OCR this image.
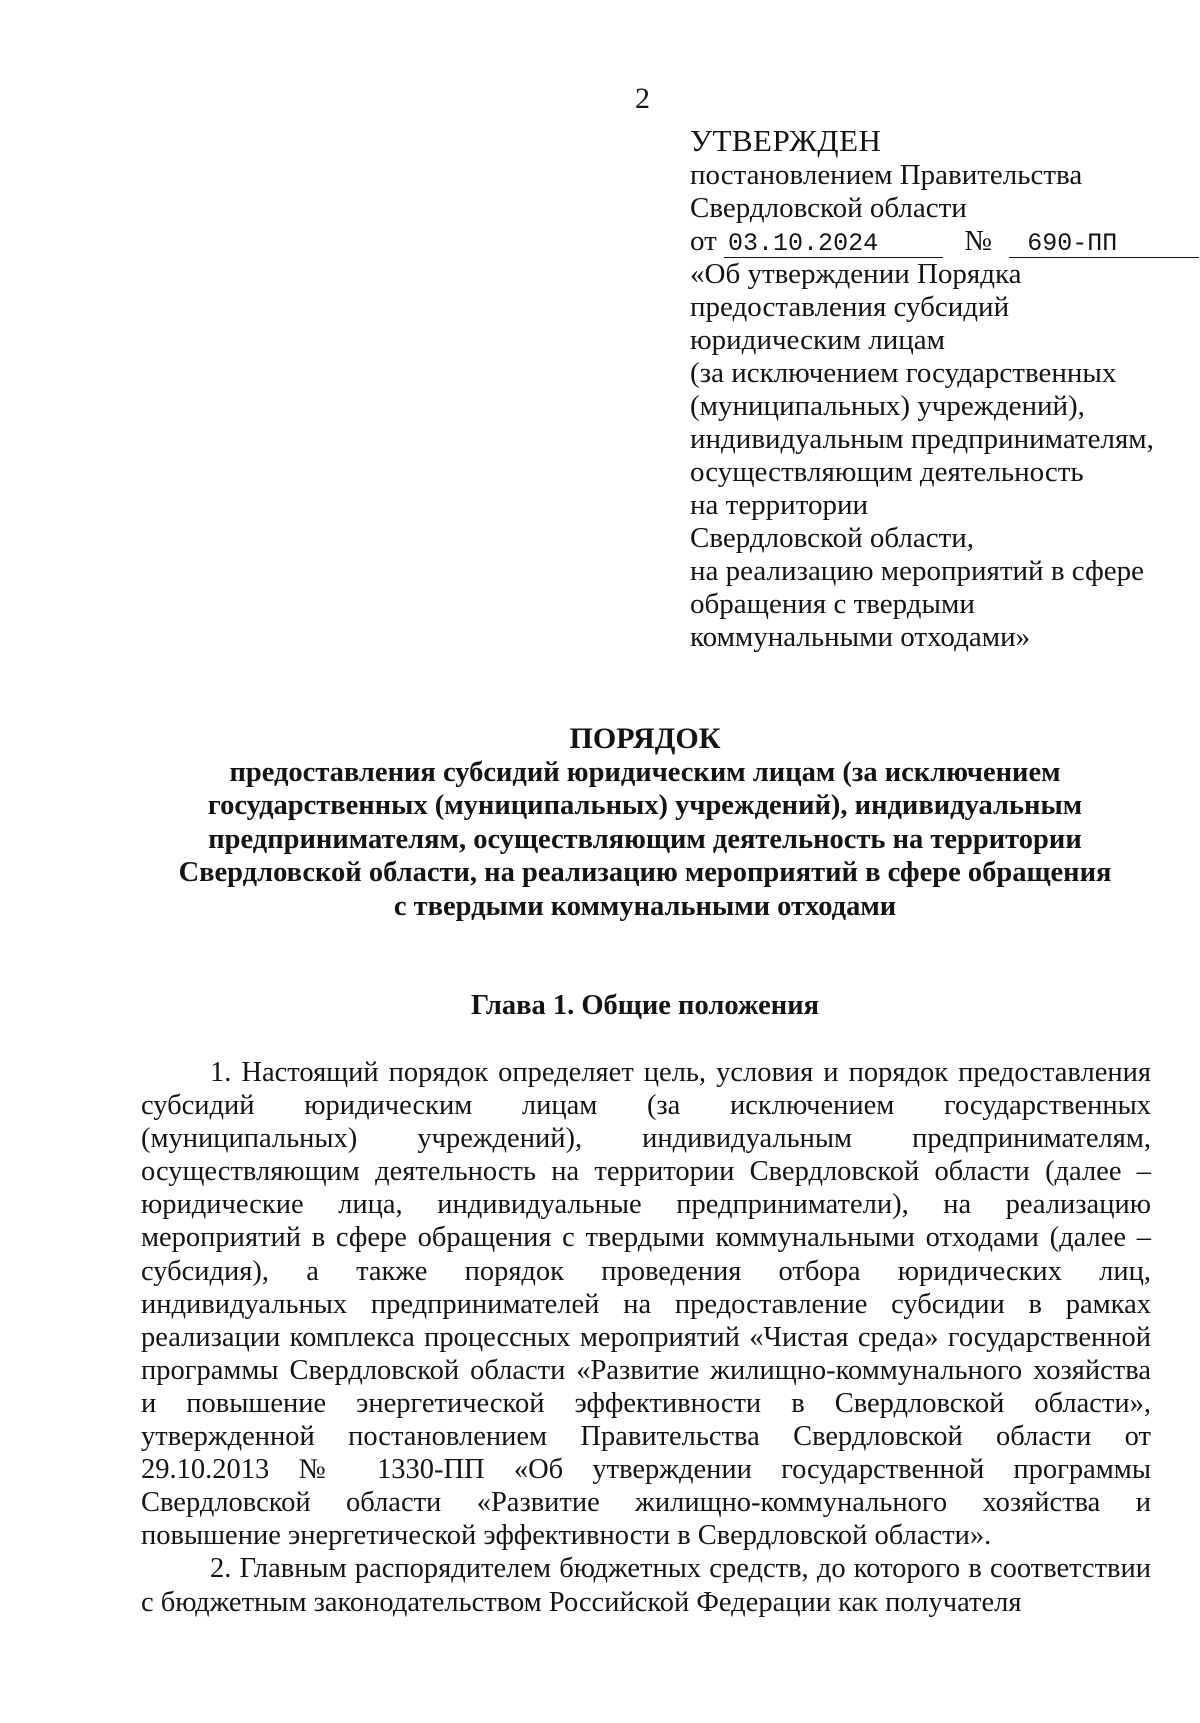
2
УТВЕРЖДЕН
постановлением Правительства
Свердловской области
от 03.10.2024	№ 690-ПП
«Об утверждении Порядка
предоставления субсидий
юридическим лицам
(за исключением государственных
(муниципальных) учреждений),
индивидуальным предпринимателям,
осуществляющим деятельность
на территории
Свердловской области,
на реализацию мероприятий в сфере
обращения с твердыми
коммунальными отходами»
ПОРЯДОК
предоставления субсидий юридическим лицам (за исключением
государственных (муниципальных) учреждений), индивидуальным
предпринимателям, осуществляющим деятельность на территории
Свердловской области, на реализацию мероприятий в сфере обращения
с твердыми коммунальными отходами
Глава 1. Общие положения

1. Настоящий порядок определяет цель, условия и порядок предоставления субсидий юридическим лицам (за исключением государственных (муниципальных) учреждений), индивидуальным предпринимателям, осуществляющим деятельность на территории Свердловской области (далее – юридические лица, индивидуальные предприниматели), на реализацию мероприятий в сфере обращения с твердыми коммунальными отходами (далее – субсидия), а также порядок проведения отбора юридических лиц, индивидуальных предпринимателей на предоставление субсидии в рамках реализации комплекса процессных мероприятий «Чистая среда» государственной программы Свердловской области «Развитие жилищно-коммунального хозяйства и повышение энергетической эффективности в Свердловской области», утвержденной постановлением Правительства Свердловской области от 29.10.2013 № 1330-ПП «Об утверждении государственной программы Свердловской области «Развитие жилищно-коммунального хозяйства и повышение энергетической эффективности в Свердловской области».

2. Главным распорядителем бюджетных средств, до которого в соответствии с бюджетным законодательством Российской Федерации как получателя
